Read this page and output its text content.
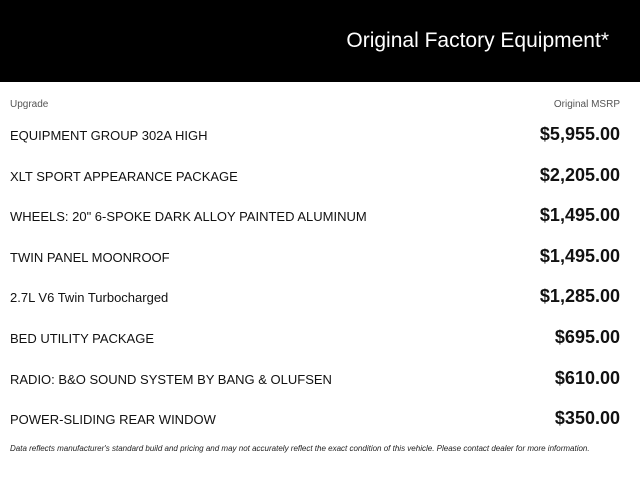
Original Factory Equipment*
Upgrade	Original MSRP
EQUIPMENT GROUP 302A HIGH	$5,955.00
XLT SPORT APPEARANCE PACKAGE	$2,205.00
WHEELS: 20" 6-SPOKE DARK ALLOY PAINTED ALUMINUM	$1,495.00
TWIN PANEL MOONROOF	$1,495.00
2.7L V6 Twin Turbocharged	$1,285.00
BED UTILITY PACKAGE	$695.00
RADIO: B&O SOUND SYSTEM BY BANG & OLUFSEN	$610.00
POWER-SLIDING REAR WINDOW	$350.00
Data reflects manufacturer's standard build and pricing and may not accurately reflect the exact condition of this vehicle. Please contact dealer for more information.
